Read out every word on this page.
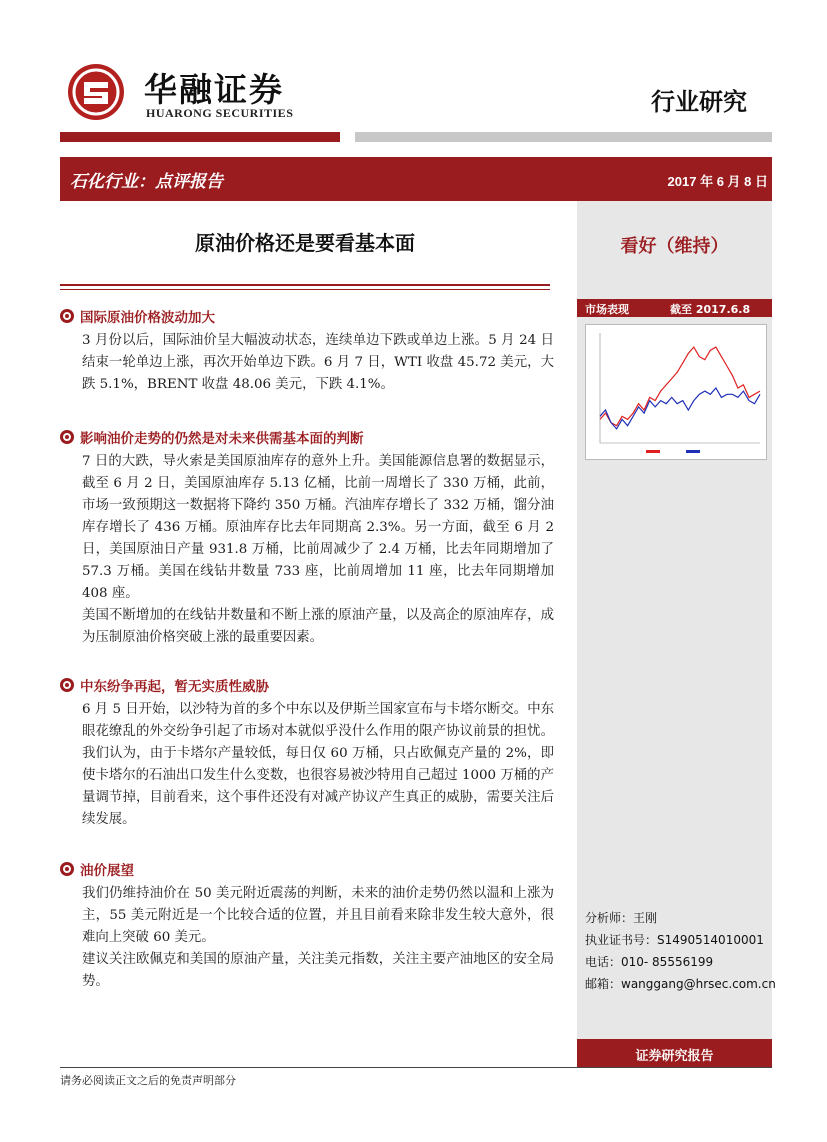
华融证券
HUARONG SECURITIES	行业研究
石化行业：点评报告	2017 年 6 月 8 日
看好（维持）
市场表现	截至 2017.6.8
分析师：王刚
执业证书号：S1490514010001
电话：010- 85556199
邮箱：wanggang@hrsec.com.cn
证券研究报告
原油价格还是要看基本面
国际原油价格波动加大

3 月份以后，国际油价呈大幅波动状态，连续单边下跌或单边上涨。5 月 24 日结束一轮单边上涨，再次开始单边下跌。6 月 7 日，WTI 收盘 45.72 美元，大跌 5.1%，BRENT 收盘 48.06 美元，下跌 4.1%。

影响油价走势的仍然是对未来供需基本面的判断

7 日的大跌，导火索是美国原油库存的意外上升。美国能源信息署的数据显示，截至 6 月 2 日，美国原油库存 5.13 亿桶，比前一周增长了 330 万桶，此前，市场一致预期这一数据将下降约 350 万桶。汽油库存增长了 332 万桶，馏分油库存增长了 436 万桶。原油库存比去年同期高 2.3%。另一方面，截至 6 月 2 日，美国原油日产量 931.8 万桶，比前周减少了 2.4 万桶，比去年同期增加了 57.3 万桶。美国在线钻井数量 733 座，比前周增加 11 座，比去年同期增加 408 座。

美国不断增加的在线钻井数量和不断上涨的原油产量，以及高企的原油库存，成为压制原油价格突破上涨的最重要因素。

中东纷争再起，暂无实质性威胁

6 月 5 日开始，以沙特为首的多个中东以及伊斯兰国家宣布与卡塔尔断交。中东眼花缭乱的外交纷争引起了市场对本就似乎没什么作用的限产协议前景的担忧。我们认为，由于卡塔尔产量较低，每日仅 60 万桶，只占欧佩克产量的 2%，即使卡塔尔的石油出口发生什么变数，也很容易被沙特用自己超过 1000 万桶的产量调节掉，目前看来，这个事件还没有对减产协议产生真正的威胁，需要关注后续发展。

油价展望

我们仍维持油价在 50 美元附近震荡的判断，未来的油价走势仍然以温和上涨为主，55 美元附近是一个比较合适的位置，并且目前看来除非发生较大意外，很难向上突破 60 美元。

建议关注欧佩克和美国的原油产量，关注美元指数，关注主要产油地区的安全局势。

请务必阅读正文之后的免责声明部分
